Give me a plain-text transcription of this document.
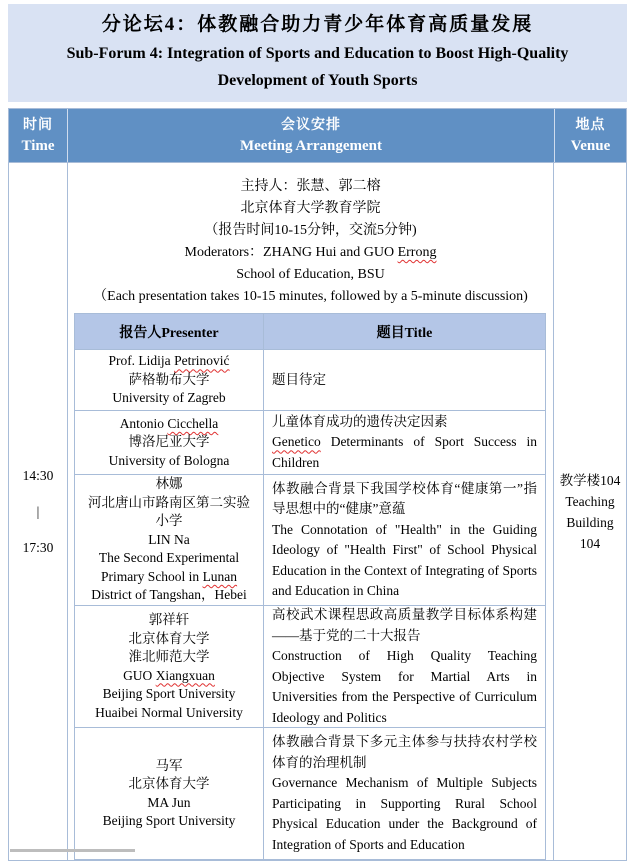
分论坛4：体教融合助力青少年体育高质量发展
Sub-Forum 4: Integration of Sports and Education to Boost High-Quality
Development of Youth Sports
时间
Time
会议安排
Meeting Arrangement
地点
Venue
14:30
|
17:30
主持人：张慧、郭二榕
北京体育大学教育学院
（报告时间10-15分钟，交流5分钟)
Moderators：ZHANG Hui and GUO Errong
School of Education, BSU
（Each presentation takes 10-15 minutes, followed by a 5-minute discussion)
报告人Presenter	题目Title
Prof. Lidija Petrinović
萨格勒布大学
University of Zagreb
题目待定
Antonio Cicchella
博洛尼亚大学
University of Bologna
儿童体育成功的遗传决定因素
Genetico Determinants of Sport Success in Children
林娜
河北唐山市路南区第二实验
小学
LIN Na
The Second Experimental
Primary School in Lunan
District of Tangshan，Hebei
体教融合背景下我国学校体育“健康第一”指导思想中的“健康”意蕴
The Connotation of "Health" in the Guiding Ideology of "Health First" of School Physical Education in the Context of Integrating of Sports and Education in China
郭祥轩
北京体育大学
淮北师范大学
GUO Xiangxuan
Beijing Sport University
Huaibei Normal University
高校武术课程思政高质量教学目标体系构建——基于党的二十大报告
Construction of High Quality Teaching Objective System for Martial Arts in Universities from the Perspective of Curriculum Ideology and Politics
马军
北京体育大学
MA Jun
Beijing Sport University
体教融合背景下多元主体参与扶持农村学校体育的治理机制
Governance Mechanism of Multiple Subjects Participating in Supporting Rural School Physical Education under the Background of Integration of Sports and Education
教学楼104
Teaching
Building
104
